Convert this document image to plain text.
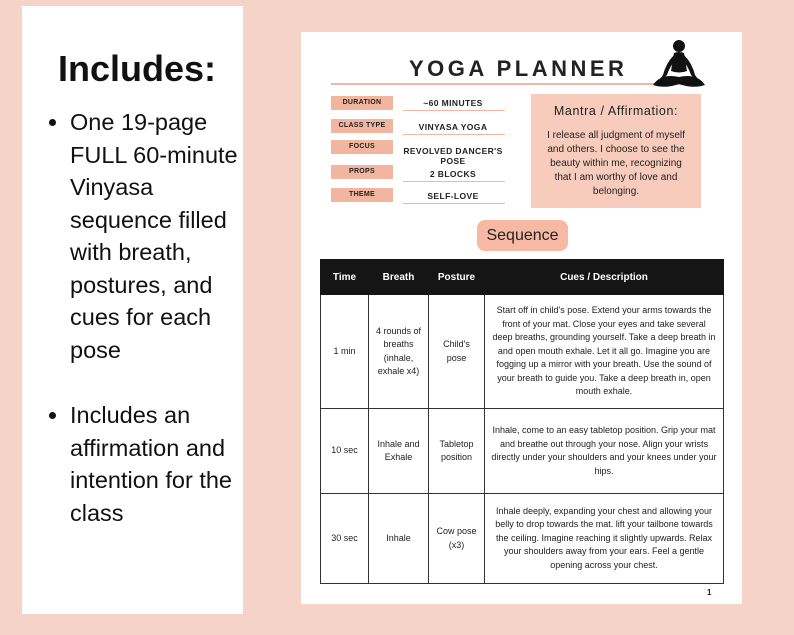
Includes:
• One 19-page FULL 60-minute Vinyasa sequence filled with breath, postures, and cues for each pose
• Includes an affirmation and intention for the class
YOGA PLANNER
DURATION	~60 MINUTES
CLASS TYPE	VINYASA YOGA
FOCUS	REVOLVED DANCER'S POSE
PROPS	2 BLOCKS
THEME	SELF-LOVE
Mantra / Affirmation:
I release all judgment of myself and others. I choose to see the beauty within me, recognizing that I am worthy of love and belonging.
Sequence
Time	Breath	Posture	Cues / Description
1 min	4 rounds of breaths (inhale, exhale x4)	Child's pose	Start off in child's pose. Extend your arms towards the front of your mat. Close your eyes and take several deep breaths, grounding yourself. Take a deep breath in and open mouth exhale. Let it all go. Imagine you are fogging up a mirror with your breath. Use the sound of your breath to guide you. Take a deep breath in, open mouth exhale.
10 sec	Inhale and Exhale	Tabletop position	Inhale, come to an easy tabletop position. Grip your mat and breathe out through your nose. Align your wrists directly under your shoulders and your knees under your hips.
30 sec	Inhale	Cow pose (x3)	Inhale deeply, expanding your chest and allowing your belly to drop towards the mat. lift your tailbone towards the ceiling. Imagine reaching it slightly upwards. Relax your shoulders away from your ears. Feel a gentle opening across your chest.
1
